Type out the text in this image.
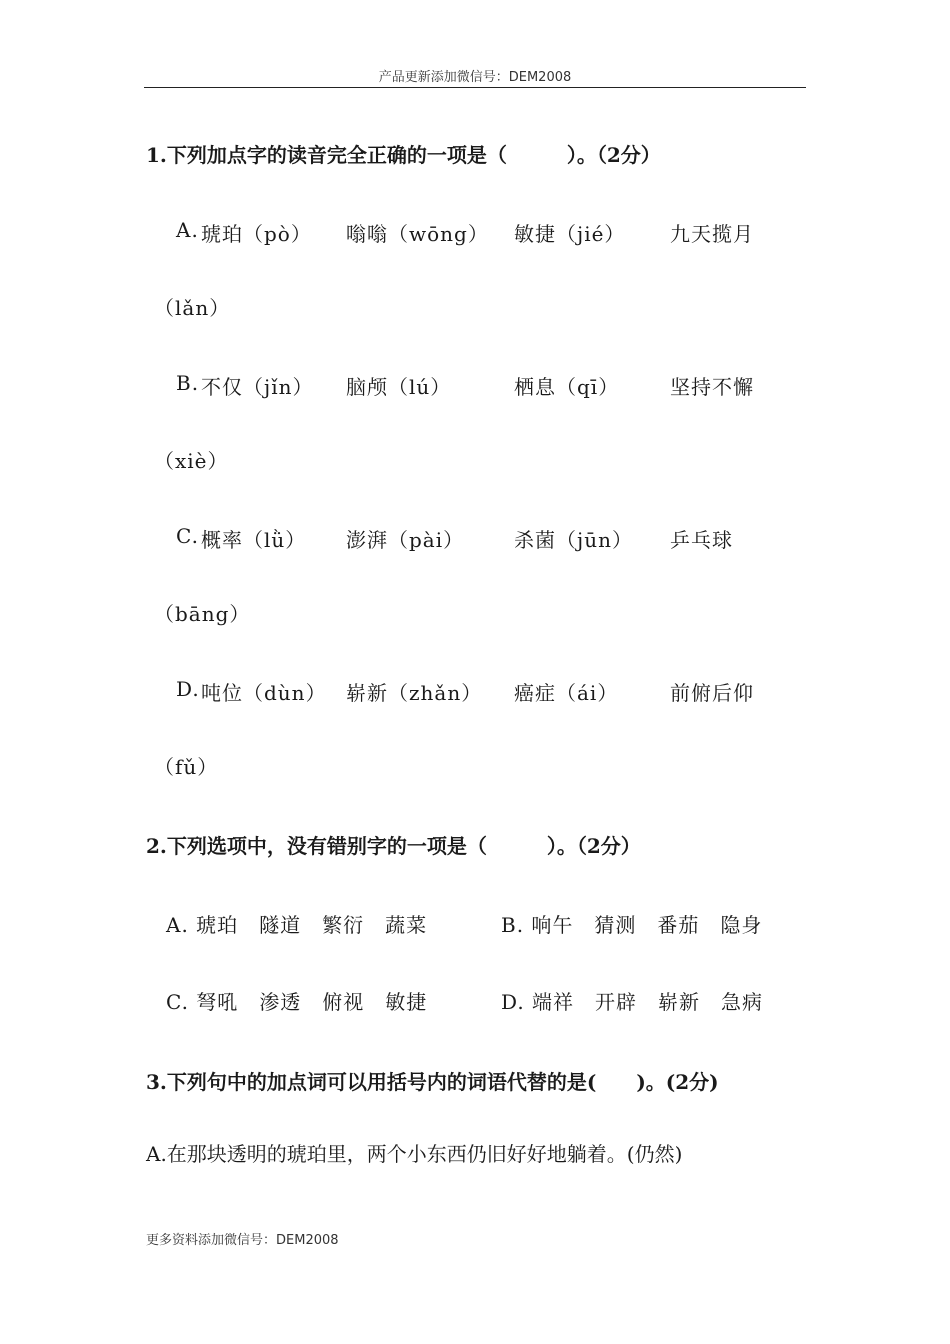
产品更新添加微信号：DEM2008
1.下列加点字的读音完全正确的一项是（　　　）。（2分）
A. 琥珀（pò） 嗡嗡（wōng） 敏捷（jié） 九天揽月
（lǎn）
B. 不仅（jǐn） 脑颅（lú）	栖息（qī）	坚持不懈
（xiè）
C. 概率（lǜ） 澎湃（pài） 杀菌（jūn） 乒乓球
（bāng）
D. 吨位（dùn） 崭新（zhǎn） 癌症（ái）	前俯后仰
（fǔ）
2.下列选项中，没有错别字的一项是（　　　）。（2分）
A. 琥珀　隧道　繁衍　蔬菜	B. 响午　猜测　番茄　隐身
C. 弩吼　渗透　俯视　敏捷	D. 端祥　开辟　崭新　急病
3.下列句中的加点词可以用括号内的词语代替的是(　　)。(2分)
A.在那块透明的琥珀里，两个小东西仍旧好好地躺着。(仍然)
更多资料添加微信号：DEM2008
